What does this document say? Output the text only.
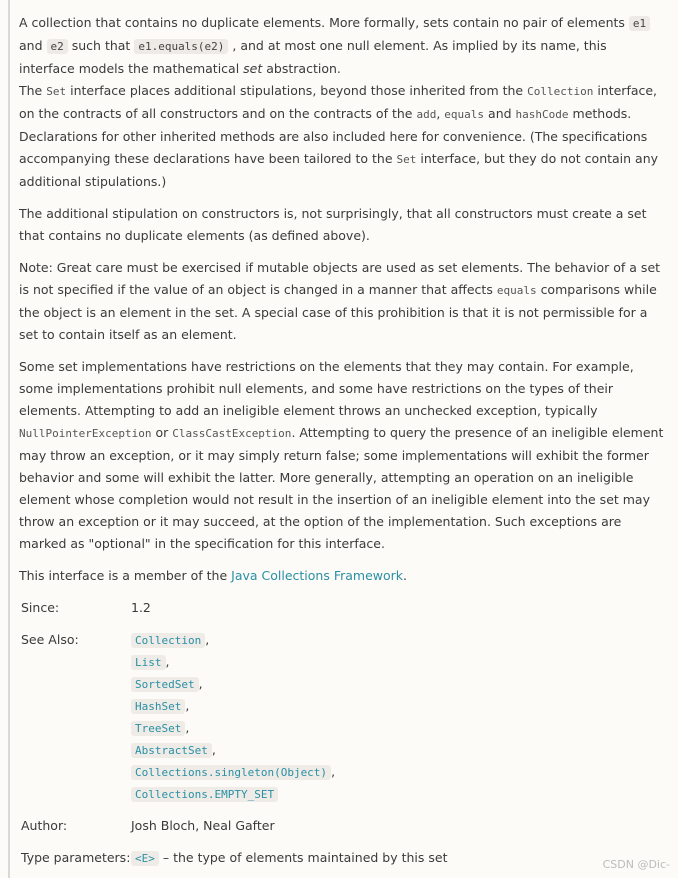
A collection that contains no duplicate elements. More formally, sets contain no pair of elements e1 and e2 such that e1.equals(e2) , and at most one null element. As implied by its name, this interface models the mathematical set abstraction.

The Set interface places additional stipulations, beyond those inherited from the Collection interface, on the contracts of all constructors and on the contracts of the add, equals and hashCode methods. Declarations for other inherited methods are also included here for convenience. (The specifications accompanying these declarations have been tailored to the Set interface, but they do not contain any additional stipulations.)

The additional stipulation on constructors is, not surprisingly, that all constructors must create a set that contains no duplicate elements (as defined above).

Note: Great care must be exercised if mutable objects are used as set elements. The behavior of a set is not specified if the value of an object is changed in a manner that affects equals comparisons while the object is an element in the set. A special case of this prohibition is that it is not permissible for a set to contain itself as an element.

Some set implementations have restrictions on the elements that they may contain. For example, some implementations prohibit null elements, and some have restrictions on the types of their elements. Attempting to add an ineligible element throws an unchecked exception, typically NullPointerException or ClassCastException. Attempting to query the presence of an ineligible element may throw an exception, or it may simply return false; some implementations will exhibit the former behavior and some will exhibit the latter. More generally, attempting an operation on an ineligible element whose completion would not result in the insertion of an ineligible element into the set may throw an exception or it may succeed, at the option of the implementation. Such exceptions are marked as "optional" in the specification for this interface.

This interface is a member of the Java Collections Framework.

Since:	1.2
See Also:	Collection ,
List ,
SortedSet ,
HashSet ,
TreeSet ,
AbstractSet ,
Collections.singleton(Object) ,
Collections.EMPTY_SET
Author:	Josh Bloch, Neal Gafter
Type parameters: <E> – the type of elements maintained by this set	CSDN @Dic-
